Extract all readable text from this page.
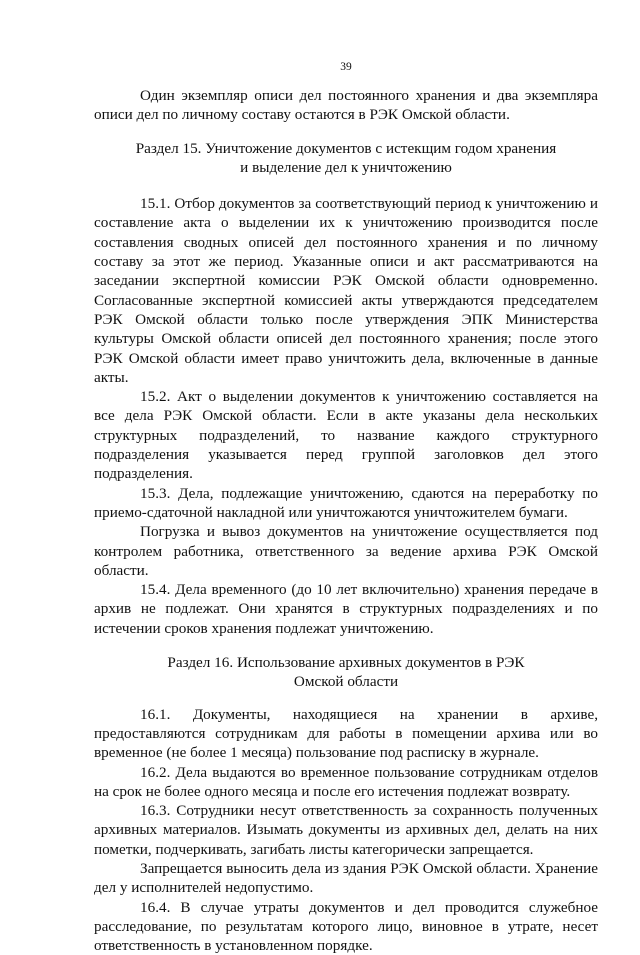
39

Один экземпляр описи дел постоянного хранения и два экземпляра описи дел по личному составу остаются в РЭК Омской области.

Раздел 15. Уничтожение документов с истекщим годом хранения и выделение дел к уничтожению

15.1. Отбор документов за соответствующий период к уничтожению и составление акта о выделении их к уничтожению производится после составления сводных описей дел постоянного хранения и по личному составу за этот же период. Указанные описи и акт рассматриваются на заседании экспертной комиссии РЭК Омской области одновременно. Согласованные экспертной комиссией акты утверждаются председателем РЭК Омской области только после утверждения ЭПК Министерства культуры Омской области описей дел постоянного хранения; после этого РЭК Омской области имеет право уничтожить дела, включенные в данные акты.

15.2. Акт о выделении документов к уничтожению составляется на все дела РЭК Омской области. Если в акте указаны дела нескольких структурных подразделений, то название каждого структурного подразделения указывается перед группой заголовков дел этого подразделения.

15.3. Дела, подлежащие уничтожению, сдаются на переработку по приемо-сдаточной накладной или уничтожаются уничтожителем бумаги.

Погрузка и вывоз документов на уничтожение осуществляется под контролем работника, ответственного за ведение архива РЭК Омской области.

15.4. Дела временного (до 10 лет включительно) хранения передаче в архив не подлежат. Они хранятся в структурных подразделениях и по истечении сроков хранения подлежат уничтожению.

Раздел 16. Использование архивных документов в РЭК Омской области

16.1. Документы, находящиеся на хранении в архиве, предоставляются сотрудникам для работы в помещении архива или во временное (не более 1 месяца) пользование под расписку в журнале.

16.2. Дела выдаются во временное пользование сотрудникам отделов на срок не более одного месяца и после его истечения подлежат возврату.

16.3. Сотрудники несут ответственность за сохранность полученных архивных материалов. Изымать документы из архивных дел, делать на них пометки, подчеркивать, загибать листы категорически запрещается.

Запрещается выносить дела из здания РЭК Омской области. Хранение дел у исполнителей недопустимо.

16.4. В случае утраты документов и дел проводится служебное расследование, по результатам которого лицо, виновное в утрате, несет ответственность в установленном порядке.
